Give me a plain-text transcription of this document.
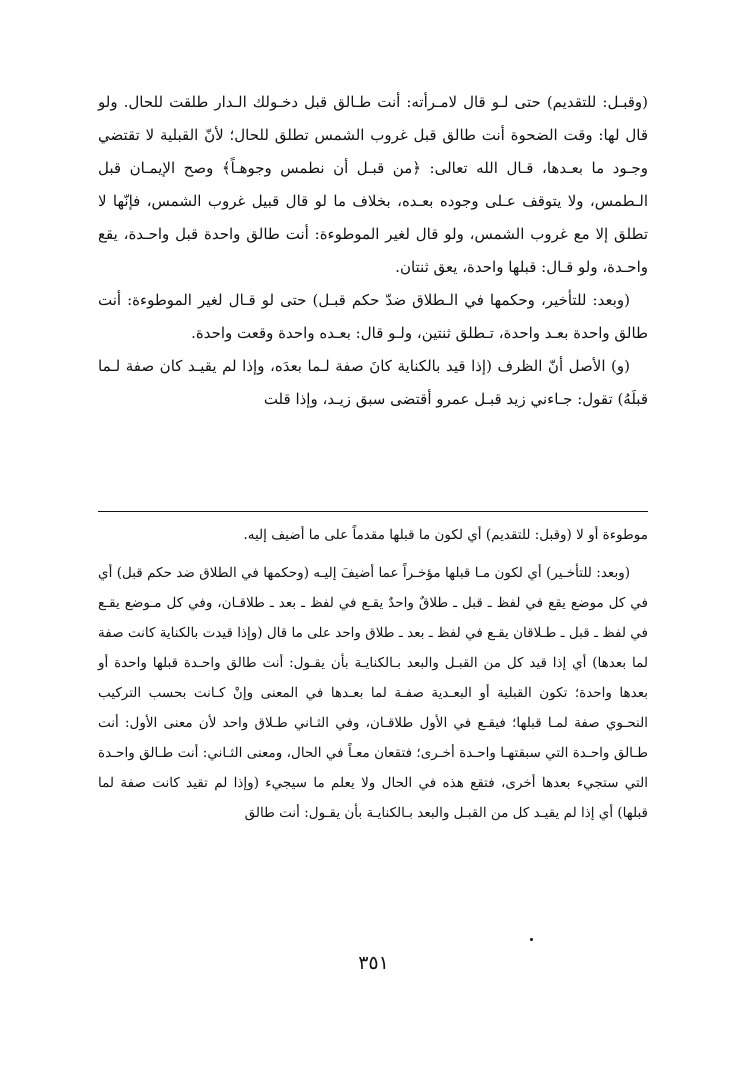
(وقبـل: للتقديم) حتى لـو قال لامـرأته: أنت طـالق قبل دخـولك الـدار طلقت للحال. ولو قال لها: وقت الضحوة أنت طالق قبل غروب الشمس تطلق للحال؛ لأنّ القبلية لا تقتضي وجـود ما بعـدها، قـال الله تعالى: ﴿من قبـل أن نطمس وجوهـاً﴾ وصح الإيمـان قبل الـطمس، ولا يتوقف عـلى وجوده بعـده، بخلاف ما لو قال قبيل غروب الشمس، فإنّها لا تطلق إلا مع غروب الشمس، ولو قال لغير الموطوءة: أنت طالق واحدة قبل واحـدة، يقع واحـدة، ولو قـال: قبلها واحدة، يعق ثنتان.

(وبعد: للتأخير، وحكمها في الـطلاق ضدّ حكم قبـل) حتى لو قـال لغير الموطوءة: أنت طالق واحدة بعـد واحدة، تـطلق ثنتين، ولـو قال: بعـده واحدة وقعت واحدة.

(و) الأصل أنّ الظرف (إذا قيد بالكناية كانَ صفة لـما بعدَه، وإذا لم يقيـد كان صفة لـما قبلَهُ) تقول: جـاءني زيد قبـل عمرو أقتضى سبق زيـد، وإذا قلت

موطوءة أو لا (وقبل: للتقديم) أي لكون ما قبلها مقدماً على ما أضيف إليه.

(وبعد: للتأخـير) أي لكون مـا قبلها مؤخـراً عما أضيفَ إليـه (وحكمها في الطلاق ضد حكم قبل) أي في كل موضع يقع في لفظ ـ قبل ـ طلاقٌ واحدٌ يقـع في لفظ ـ بعد ـ طلاقـان، وفي كل مـوضع يقـع في لفظ ـ قبل ـ طـلاقان يقـع في لفظ ـ بعد ـ طلاق واحد على ما قال (وإذا قيدت بالكناية كانت صفة لما بعدها) أي إذا قيد كل من القبـل والبعد بـالكنايـة بأن يقـول: أنت طالق واحـدة قبلها واحدة أو بعدها واحدة؛ تكون القبلية أو البعـدية صفـة لما بعـدها في المعنى وإنْ كـانت بحسب التركيب النحـوي صفة لمـا قبلها؛ فيقـع في الأول طلاقـان، وفي الثـاني طـلاق واحد لأن معنى الأول: أنت طـالق واحـدة التي سبقتهـا واحـدة أخـرى؛ فتقعان معـاً في الحال، ومعنى الثـاني: أنت طـالق واحـدة التي ستجيء بعدها أخرى، فتقع هذه في الحال ولا يعلم ما سيجيء (وإذا لم تقيد كانت صفة لما قبلها) أي إذا لم يقيـد كل من القبـل والبعد بـالكنايـة بأن يقـول: أنت طالق

٣٥١
